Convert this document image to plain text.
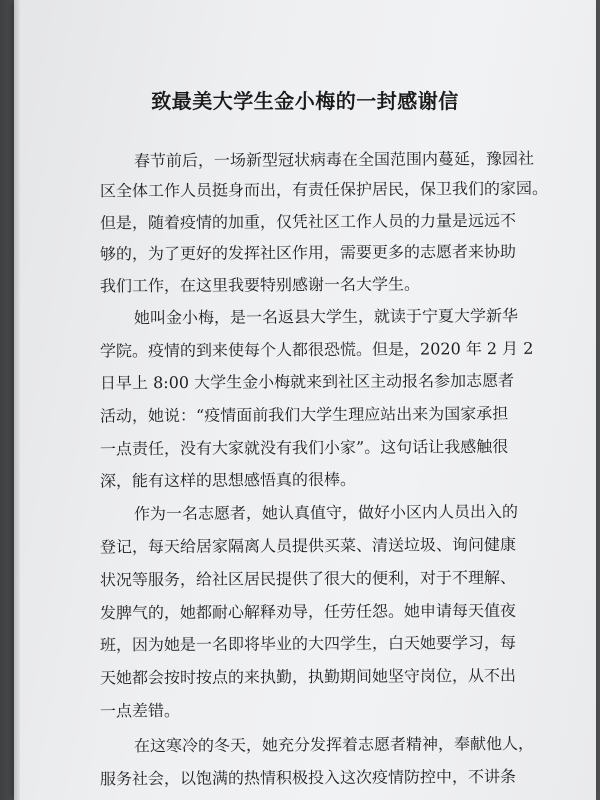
致最美大学生金小梅的一封感谢信
春节前后，一场新型冠状病毒在全国范围内蔓延，豫园社
区全体工作人员挺身而出，有责任保护居民，保卫我们的家园。
但是，随着疫情的加重，仅凭社区工作人员的力量是远远不
够的，为了更好的发挥社区作用，需要更多的志愿者来协助
我们工作，在这里我要特别感谢一名大学生。
她叫金小梅，是一名返县大学生，就读于宁夏大学新华
学院。疫情的到来使每个人都很恐慌。但是，2020 年 2 月 2
日早上 8:00 大学生金小梅就来到社区主动报名参加志愿者
活动，她说：“疫情面前我们大学生理应站出来为国家承担
一点责任，没有大家就没有我们小家”。这句话让我感触很
深，能有这样的思想感悟真的很棒。
作为一名志愿者，她认真值守，做好小区内人员出入的
登记，每天给居家隔离人员提供买菜、清送垃圾、询问健康
状况等服务，给社区居民提供了很大的便利，对于不理解、
发脾气的，她都耐心解释劝导，任劳任怨。她申请每天值夜
班，因为她是一名即将毕业的大四学生，白天她要学习，每
天她都会按时按点的来执勤，执勤期间她坚守岗位，从不出
一点差错。
在这寒冷的冬天，她充分发挥着志愿者精神，奉献他人，
服务社会，以饱满的热情积极投入这次疫情防控中，不讲条
